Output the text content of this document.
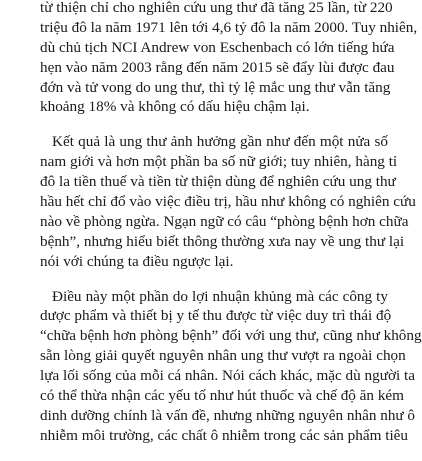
từ thiện chỉ cho nghiên cứu ung thư đã tăng 25 lần, từ 220
triệu đô la năm 1971 lên tới 4,6 tỷ đô la năm 2000. Tuy nhiên,
dù chủ tịch NCI Andrew von Eschenbach có lớn tiếng hứa
hẹn vào năm 2003 rằng đến năm 2015 sẽ đẩy lùi được đau
đớn và tử vong do ung thư, thì tỷ lệ mắc ung thư vẫn tăng
khoảng 18% và không có dấu hiệu chậm lại.

Kết quả là ung thư ảnh hưởng gần như đến một nửa số
nam giới và hơn một phần ba số nữ giới; tuy nhiên, hàng tỉ
đô la tiền thuế và tiền từ thiện dùng để nghiên cứu ung thư
hầu hết chỉ đổ vào việc điều trị, hầu như không có nghiên cứu
nào về phòng ngừa. Ngạn ngữ có câu “phòng bệnh hơn chữa
bệnh”, nhưng hiểu biết thông thường xưa nay về ung thư lại
nói với chúng ta điều ngược lại.

Điều này một phần do lợi nhuận khủng mà các công ty
dược phẩm và thiết bị y tế thu được từ việc duy trì thái độ
“chữa bệnh hơn phòng bệnh” đối với ung thư, cũng như không
sẵn lòng giải quyết nguyên nhân ung thư vượt ra ngoài chọn
lựa lối sống của mỗi cá nhân. Nói cách khác, mặc dù người ta
có thể thừa nhận các yếu tố như hút thuốc và chế độ ăn kém
dinh dưỡng chính là vấn đề, nhưng những nguyên nhân như ô
nhiễm môi trường, các chất ô nhiễm trong các sản phẩm tiêu
